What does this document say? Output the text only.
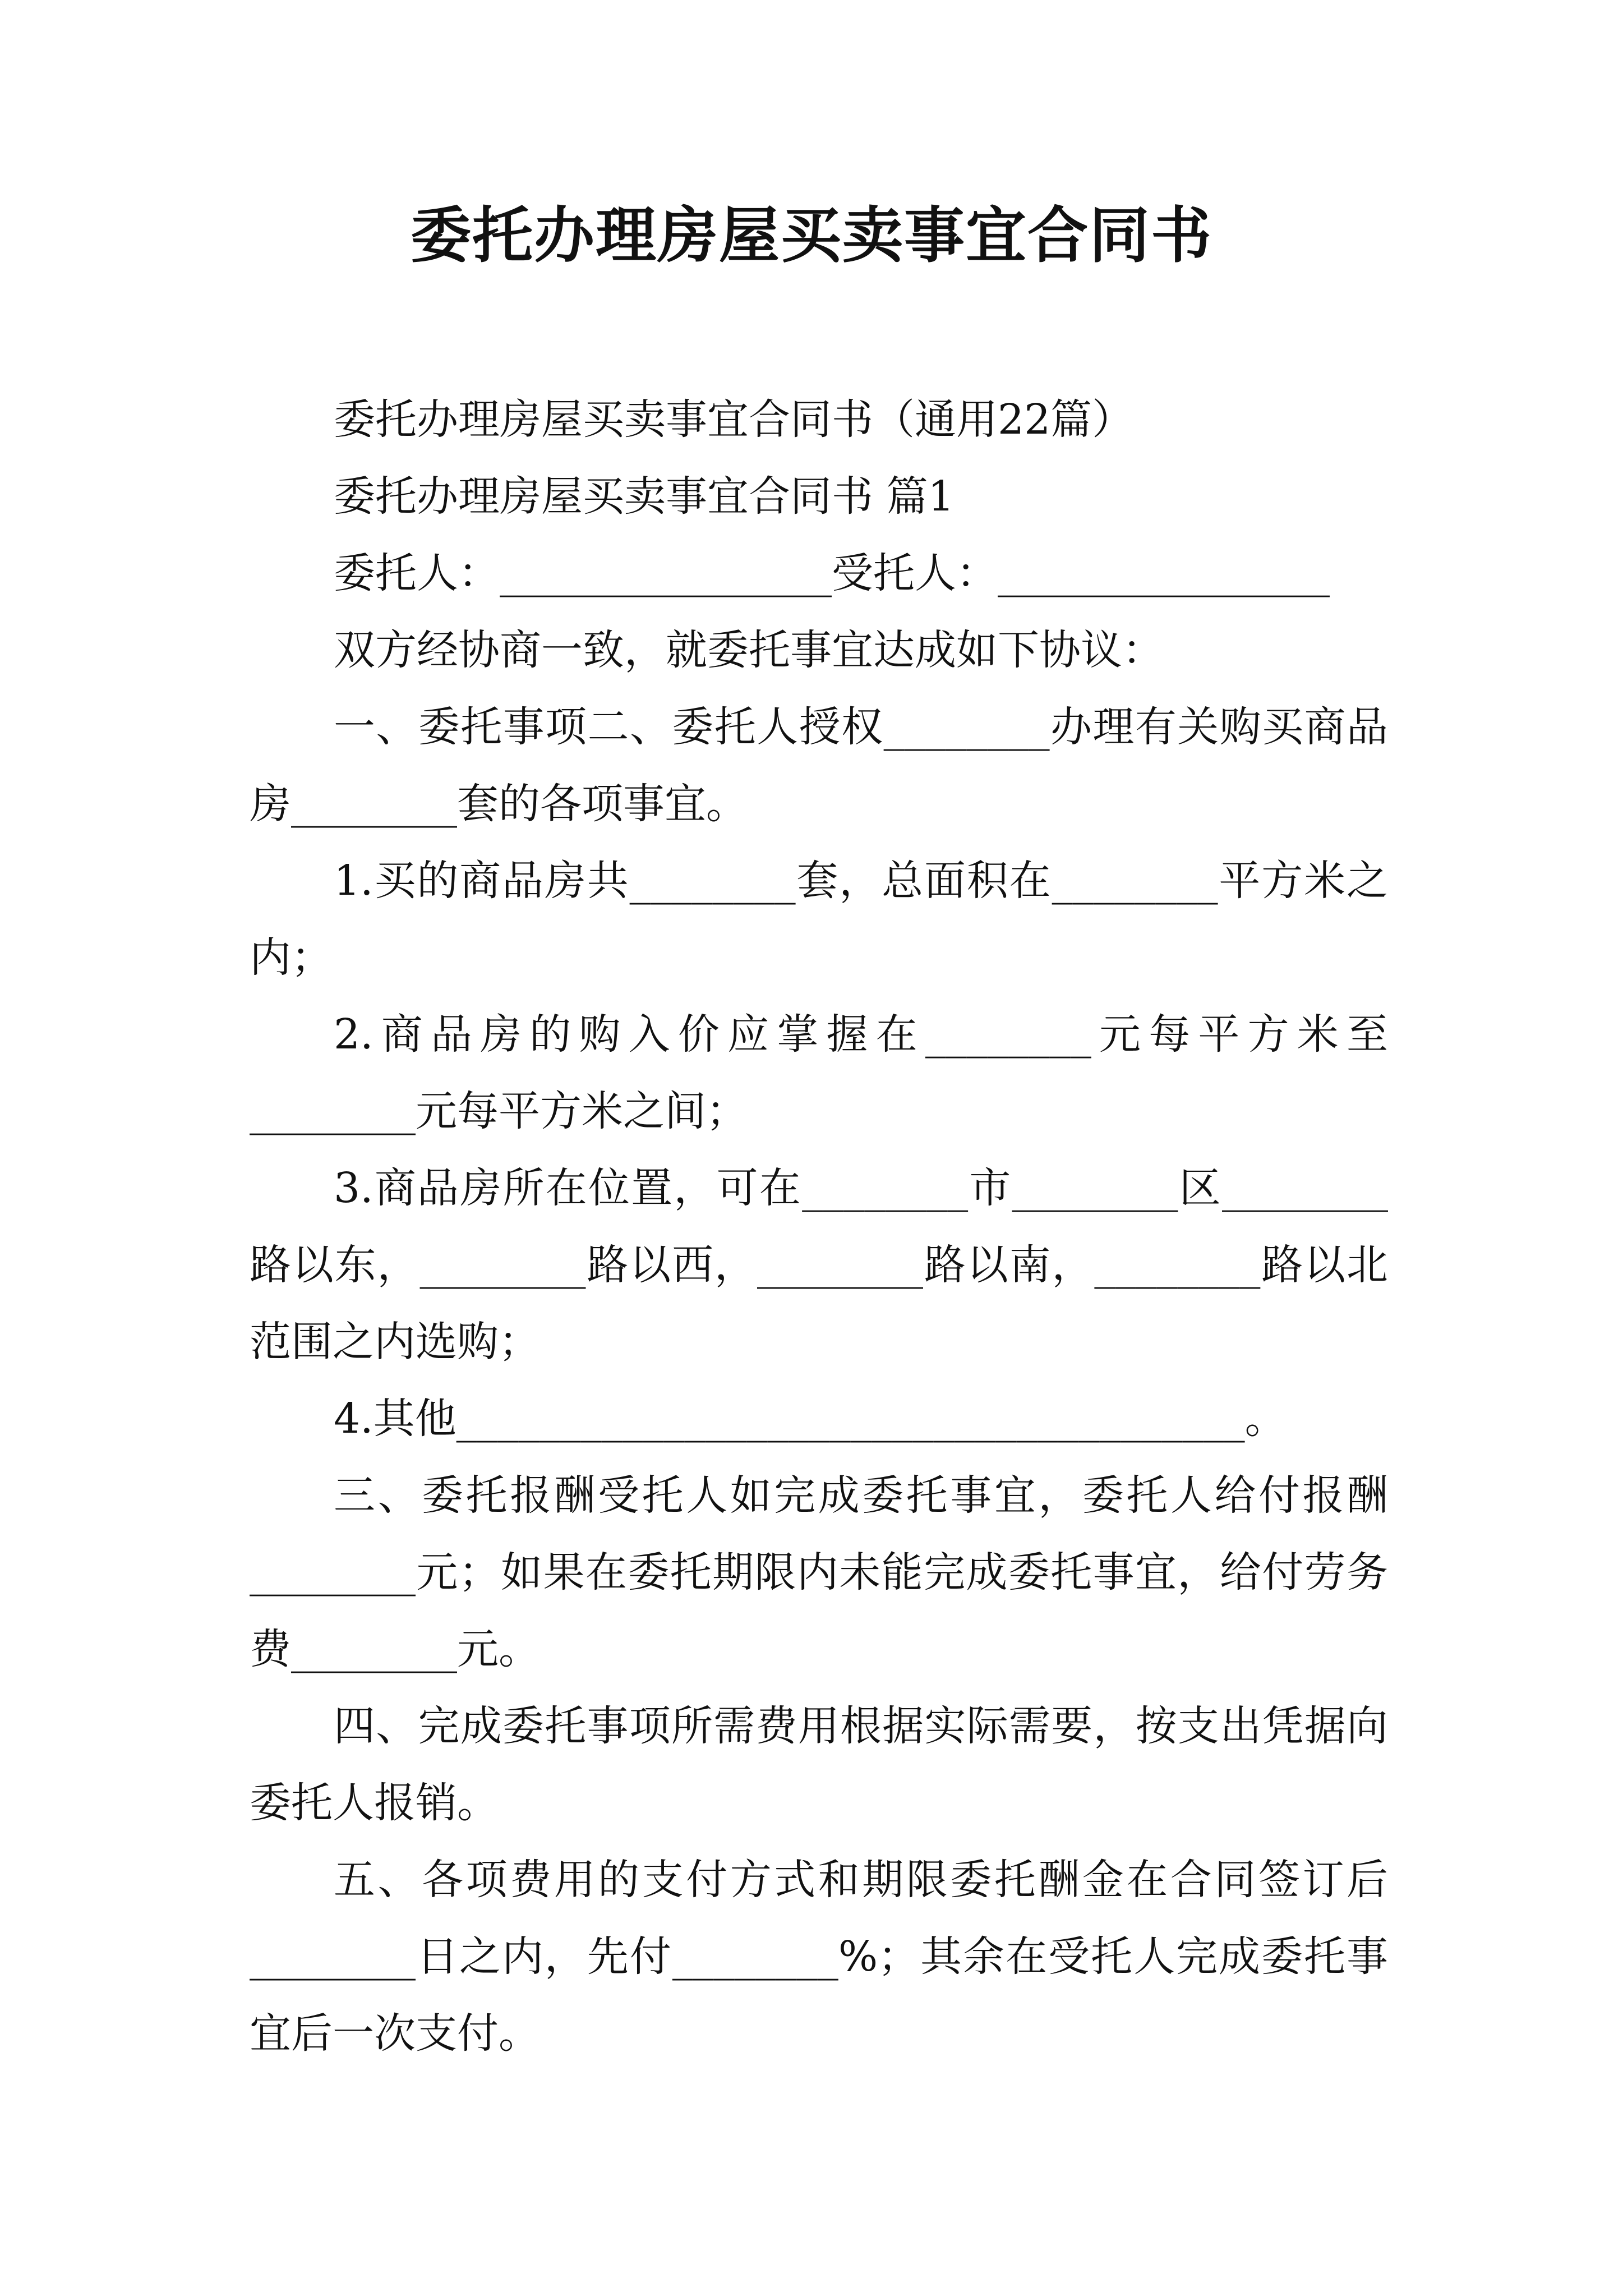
委托办理房屋买卖事宜合同书

委托办理房屋买卖事宜合同书（通用22篇）

委托办理房屋买卖事宜合同书 篇1

委托人：________________受托人：________________

双方经协商一致，就委托事宜达成如下协议：

一、委托事项二、委托人授权________办理有关购买商品房________套的各项事宜。

1.买的商品房共________套，总面积在________平方米之内；

2.商品房的购入价应掌握在________元每平方米至________元每平方米之间；

3.商品房所在位置，可在________市________区________路以东，________路以西，________路以南，________路以北范围之内选购；

4.其他______________________________________。

三、委托报酬受托人如完成委托事宜，委托人给付报酬________元；如果在委托期限内未能完成委托事宜，给付劳务费________元。

四、完成委托事项所需费用根据实际需要，按支出凭据向委托人报销。

五、各项费用的支付方式和期限委托酬金在合同签订后________日之内，先付________%；其余在受托人完成委托事宜后一次支付。
